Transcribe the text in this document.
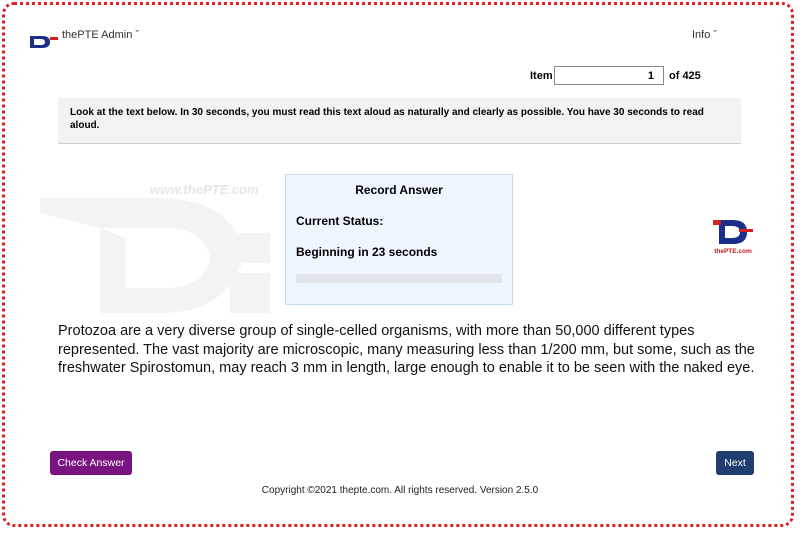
thePTE Admin ˇ	Info ˇ
Item
1	of 425
Look at the text below. In 30 seconds, you must read this text aloud as naturally and clearly as possible. You have 30 seconds to read aloud.
www.thePTE.com	Record Answer
Current Status:
Beginning in 23 seconds	thePTE.com
Protozoa are a very diverse group of single-celled organisms, with more than 50,000 different types represented. The vast majority are microscopic, many measuring less than 1/200 mm, but some, such as the freshwater Spirostomun, may reach 3 mm in length, large enough to enable it to be seen with the naked eye.
Check Answer	Next
Copyright ©2021 thepte.com. All rights reserved. Version 2.5.0
